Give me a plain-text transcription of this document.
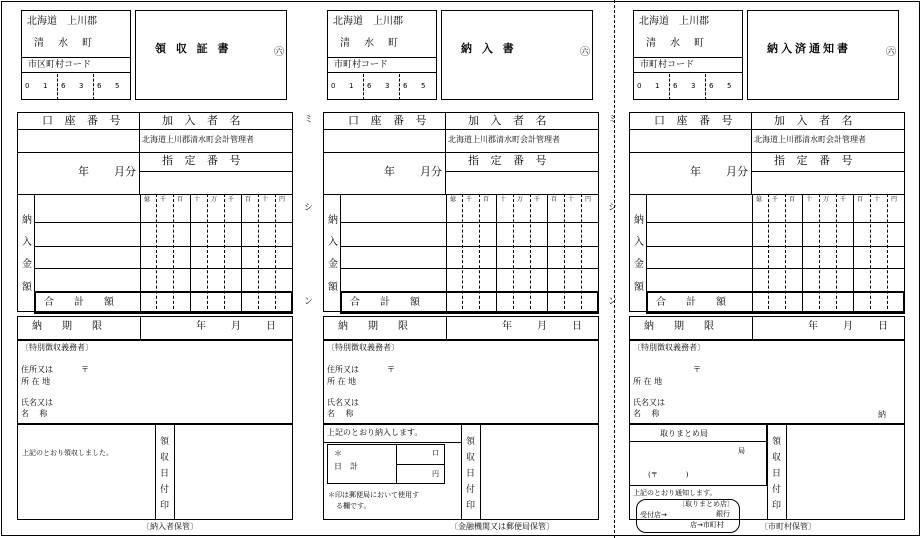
ミ
シ
ン
ミ
シ
ン
北海道　上川郡
清　水　町
市区町村コード
0 1 6 3 6 5
領 収 証 書
口 座 番 号	加 入 者 名
北海道上川郡清水町会計管理者
指 定 番 号
年 月分
納
入
金
額
合　　計　　額
億 千 百 十 万 千 百 十 円
納　　期　　限	年	月	日
〔特別徴収義務者〕
住所又は
所 在 地
〒
氏名又は
名　 称
領
収
日
付
印
〔納入者保管〕
上記のとおり領収しました。
㊅
北海道　上川郡
清　水　町
市町村コード
0 1 6 3 6 5
納 入 書
口 座 番 号	加 入 者 名
北海道上川郡清水町会計管理者
指 定 番 号
年 月分
納
入
金
額
合　　計　　額
億 千 百 十 万 千 百 十 円
納　　期　　限	年	月	日
〔特別徴収義務者〕
住所又は
所 在 地
〒
氏名又は
名　 称
領
収
日
付
印
〔金融機関又は郵便局保管〕
上記のとおり納入します。
＊
日　計
口
円
＊印は郵便局において使用す
る欄です。
㊅
北海道　上川郡
清　水　町
市町村コード
0 1 6 3 6 5
納入済通知書
口 座 番 号	加 入 者 名
北海道上川郡清水町会計管理者
指 定 番 号
年 月分
納
入
金
額
合　　計　　額
億 千 百 十 万 千 百 十 円
納　　期　　限	年	月	日
〔特別徴収義務者〕
所 在 地
〒
氏名又は
名　 称
領
収
日
付
印
〔市町村保管〕
取りまとめ局
局
(〒　　　　)
上記のとおり通知します。
〔取りまとめ店〕
受付店→	銀行
店→市町村
納
㊅
